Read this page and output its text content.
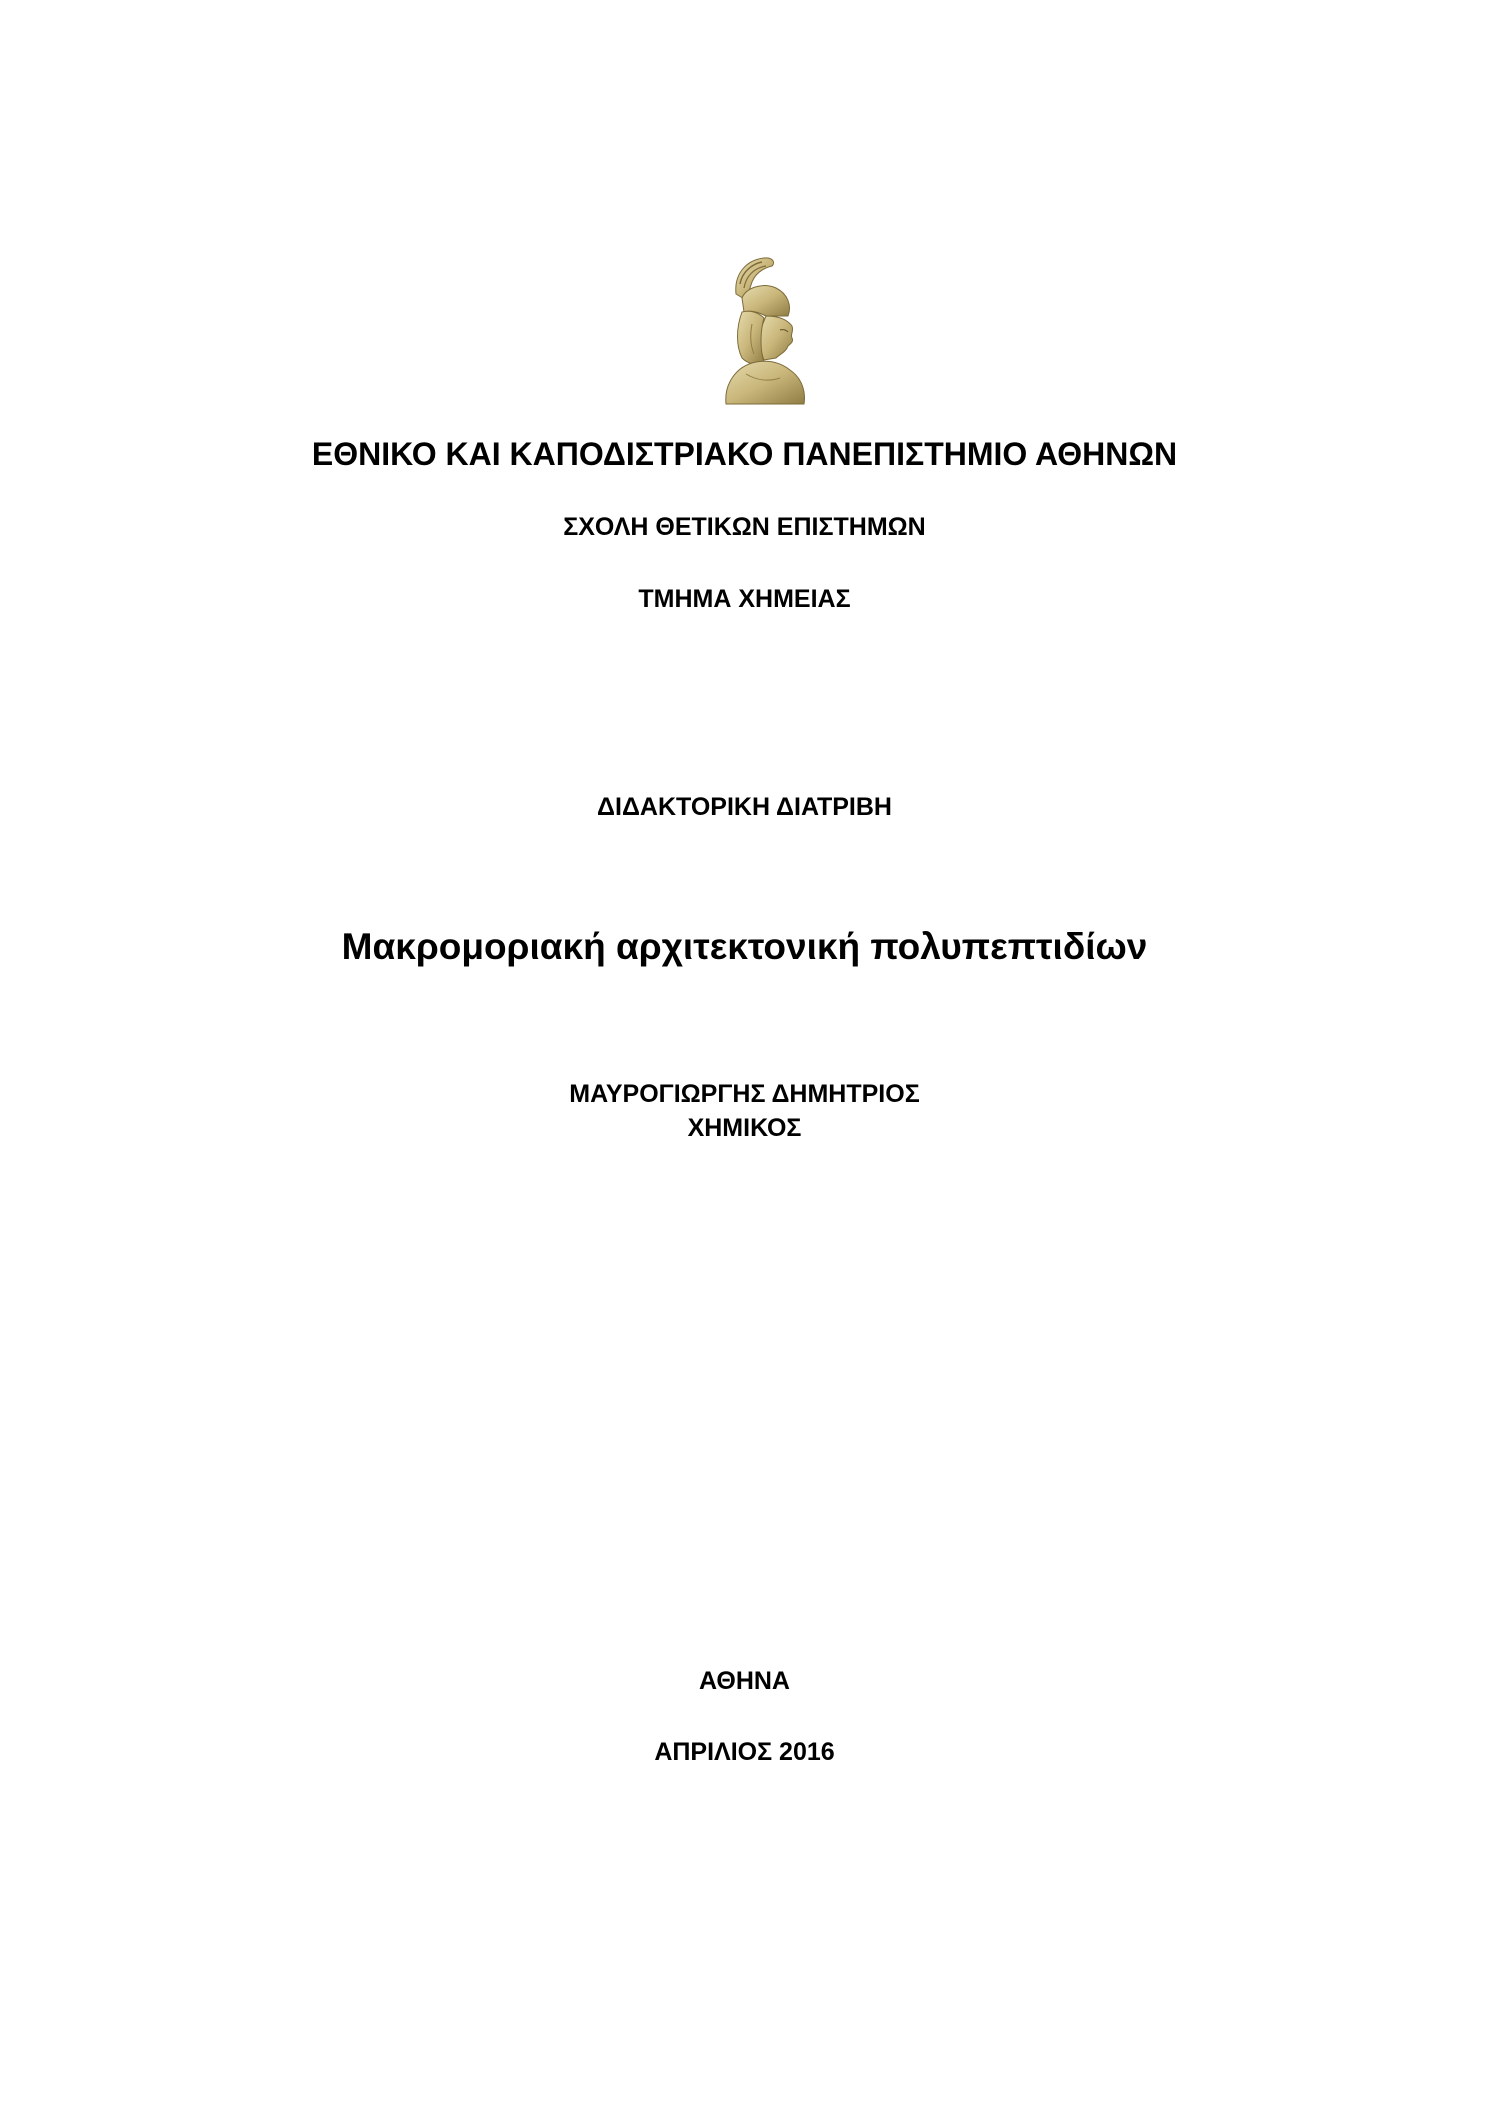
ΕΘΝΙΚΟ ΚΑΙ ΚΑΠΟΔΙΣΤΡΙΑΚΟ ΠΑΝΕΠΙΣΤΗΜΙΟ ΑΘΗΝΩΝ
ΣΧΟΛΗ ΘΕΤΙΚΩΝ ΕΠΙΣΤΗΜΩΝ
ΤΜΗΜΑ ΧΗΜΕΙΑΣ
ΔΙΔΑΚΤΟΡΙΚΗ ΔΙΑΤΡΙΒΗ
Μακρομοριακή αρχιτεκτονική πολυπεπτιδίων
ΜΑΥΡΟΓΙΩΡΓΗΣ ΔΗΜΗΤΡΙΟΣ
ΧΗΜΙΚΟΣ
ΑΘΗΝΑ
ΑΠΡΙΛΙΟΣ 2016
